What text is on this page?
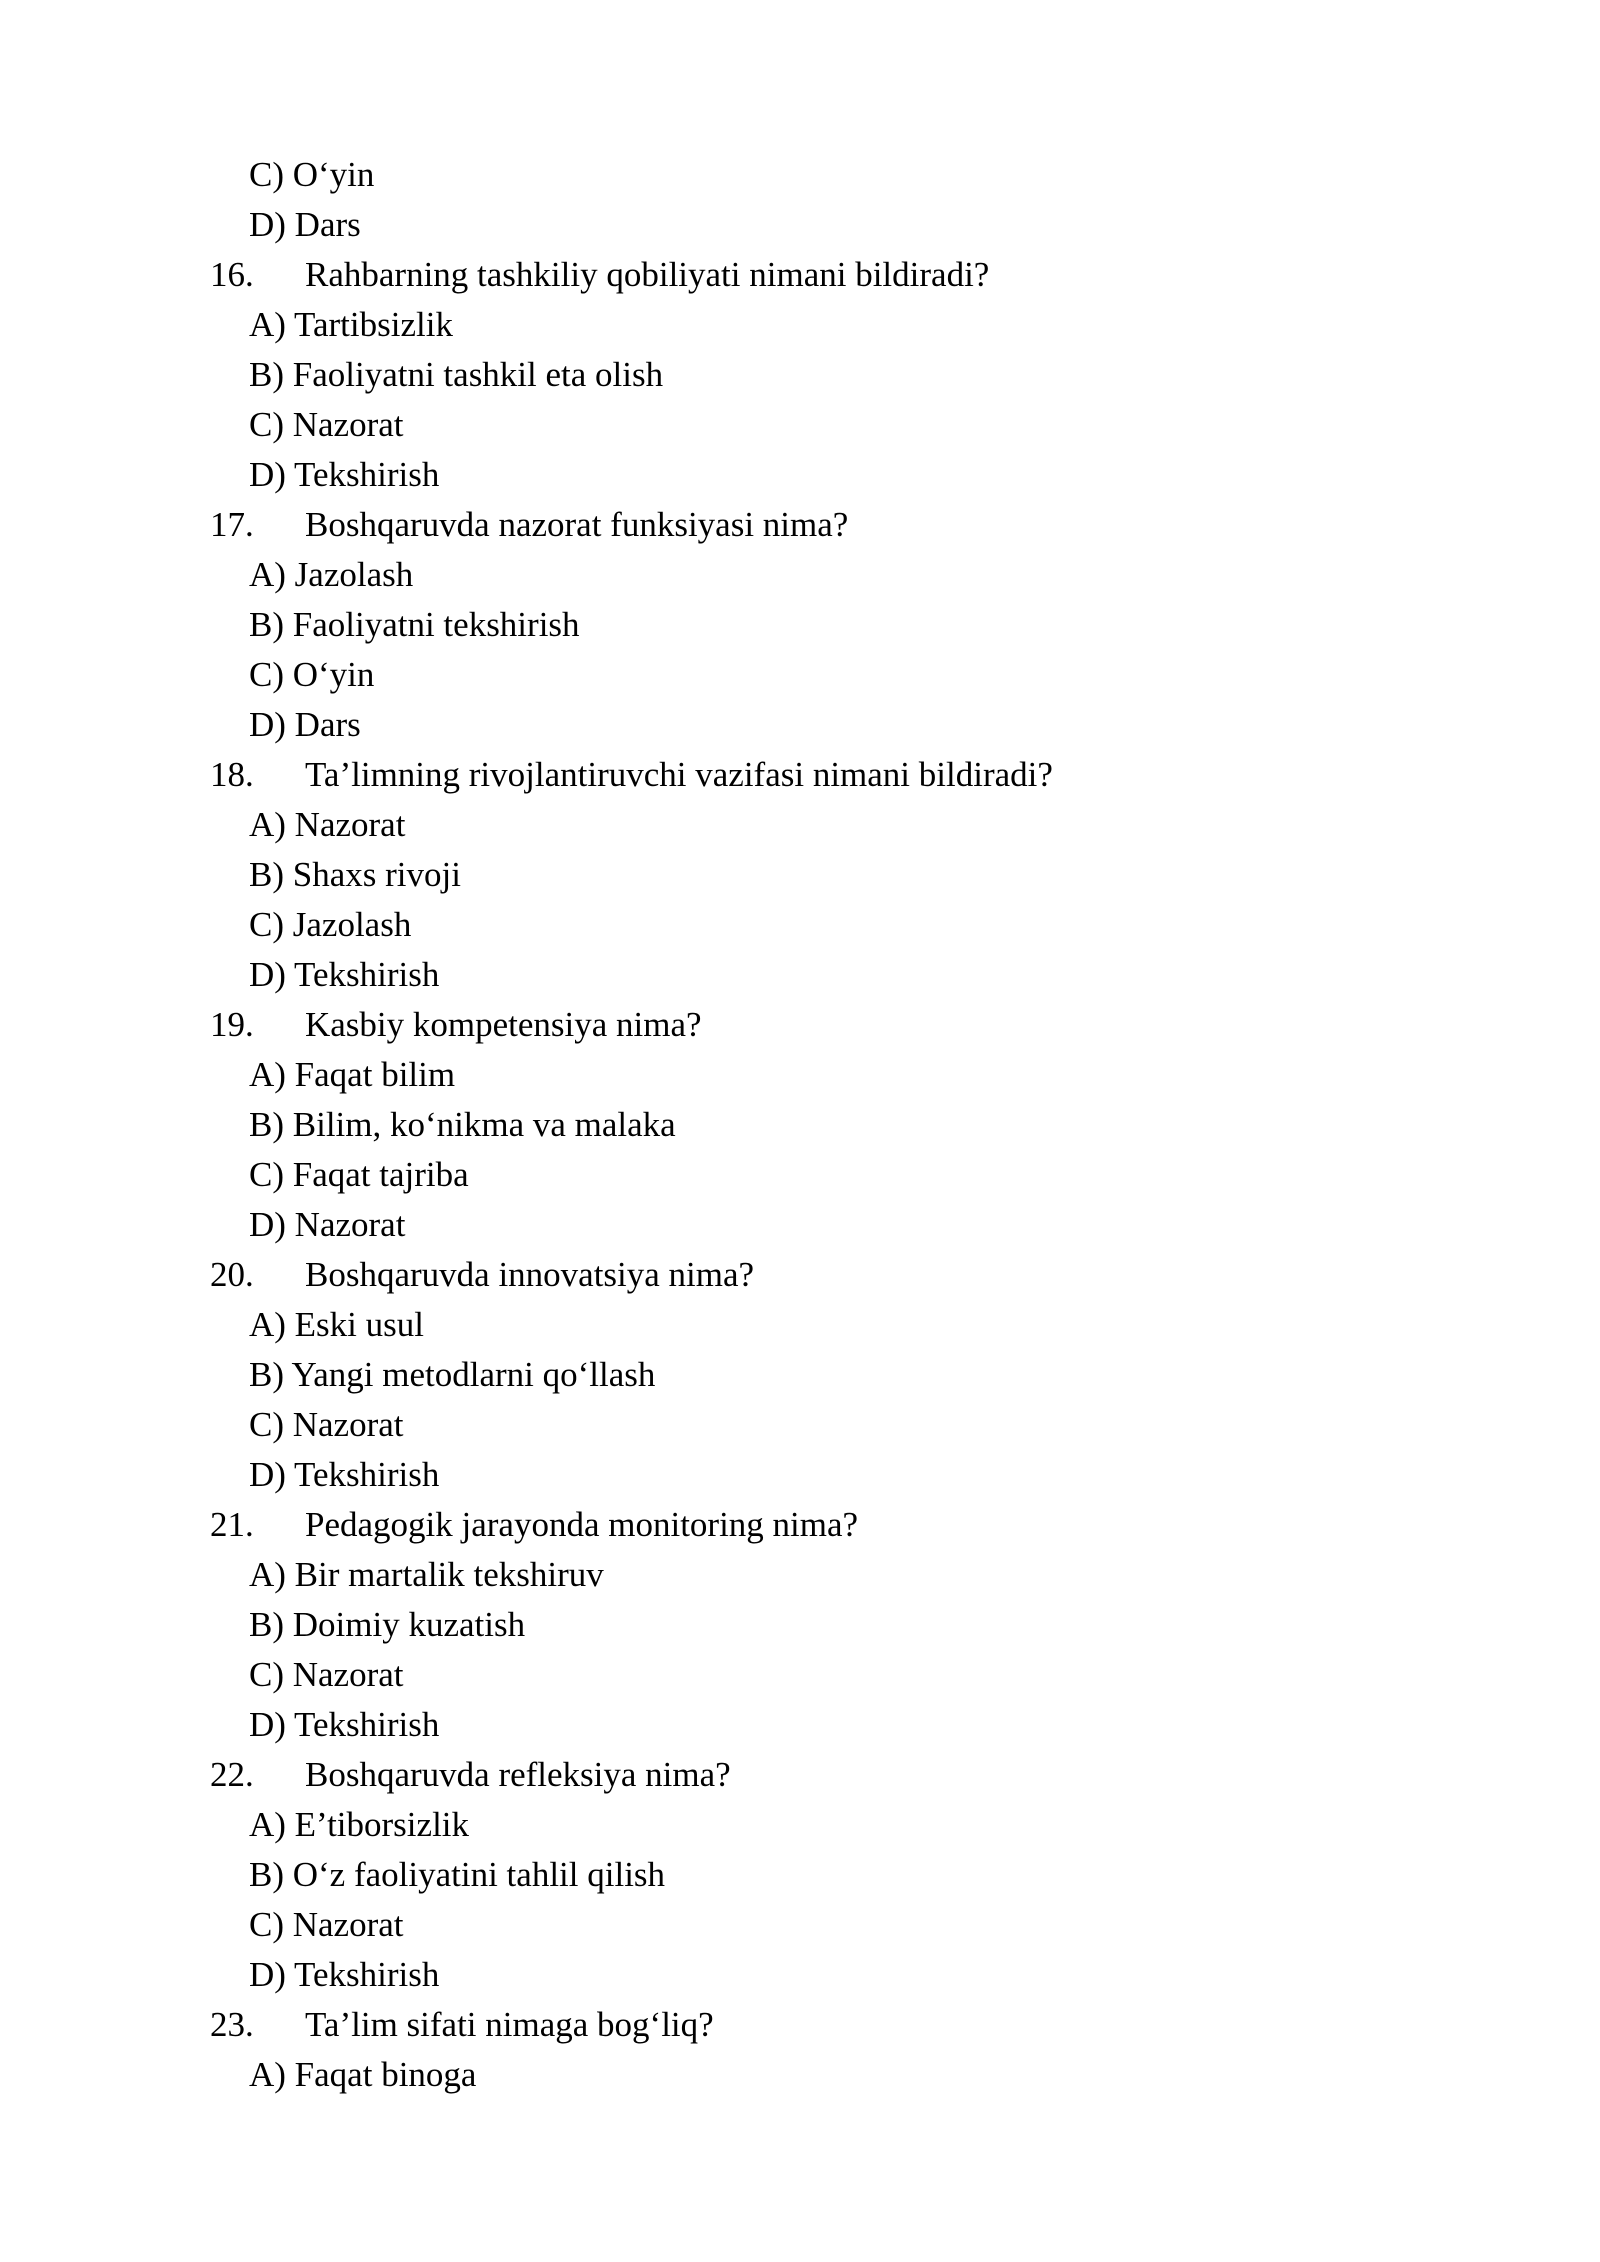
C) O‘yin
D) Dars
16. Rahbarning tashkiliy qobiliyati nimani bildiradi?
A) Tartibsizlik
B) Faoliyatni tashkil eta olish
C) Nazorat
D) Tekshirish
17. Boshqaruvda nazorat funksiyasi nima?
A) Jazolash
B) Faoliyatni tekshirish
C) O‘yin
D) Dars
18. Ta’limning rivojlantiruvchi vazifasi nimani bildiradi?
A) Nazorat
B) Shaxs rivoji
C) Jazolash
D) Tekshirish
19. Kasbiy kompetensiya nima?
A) Faqat bilim
B) Bilim, ko‘nikma va malaka
C) Faqat tajriba
D) Nazorat
20. Boshqaruvda innovatsiya nima?
A) Eski usul
B) Yangi metodlarni qo‘llash
C) Nazorat
D) Tekshirish
21. Pedagogik jarayonda monitoring nima?
A) Bir martalik tekshiruv
B) Doimiy kuzatish
C) Nazorat
D) Tekshirish
22. Boshqaruvda refleksiya nima?
A) E’tiborsizlik
B) O‘z faoliyatini tahlil qilish
C) Nazorat
D) Tekshirish
23. Ta’lim sifati nimaga bog‘liq?
A) Faqat binoga
